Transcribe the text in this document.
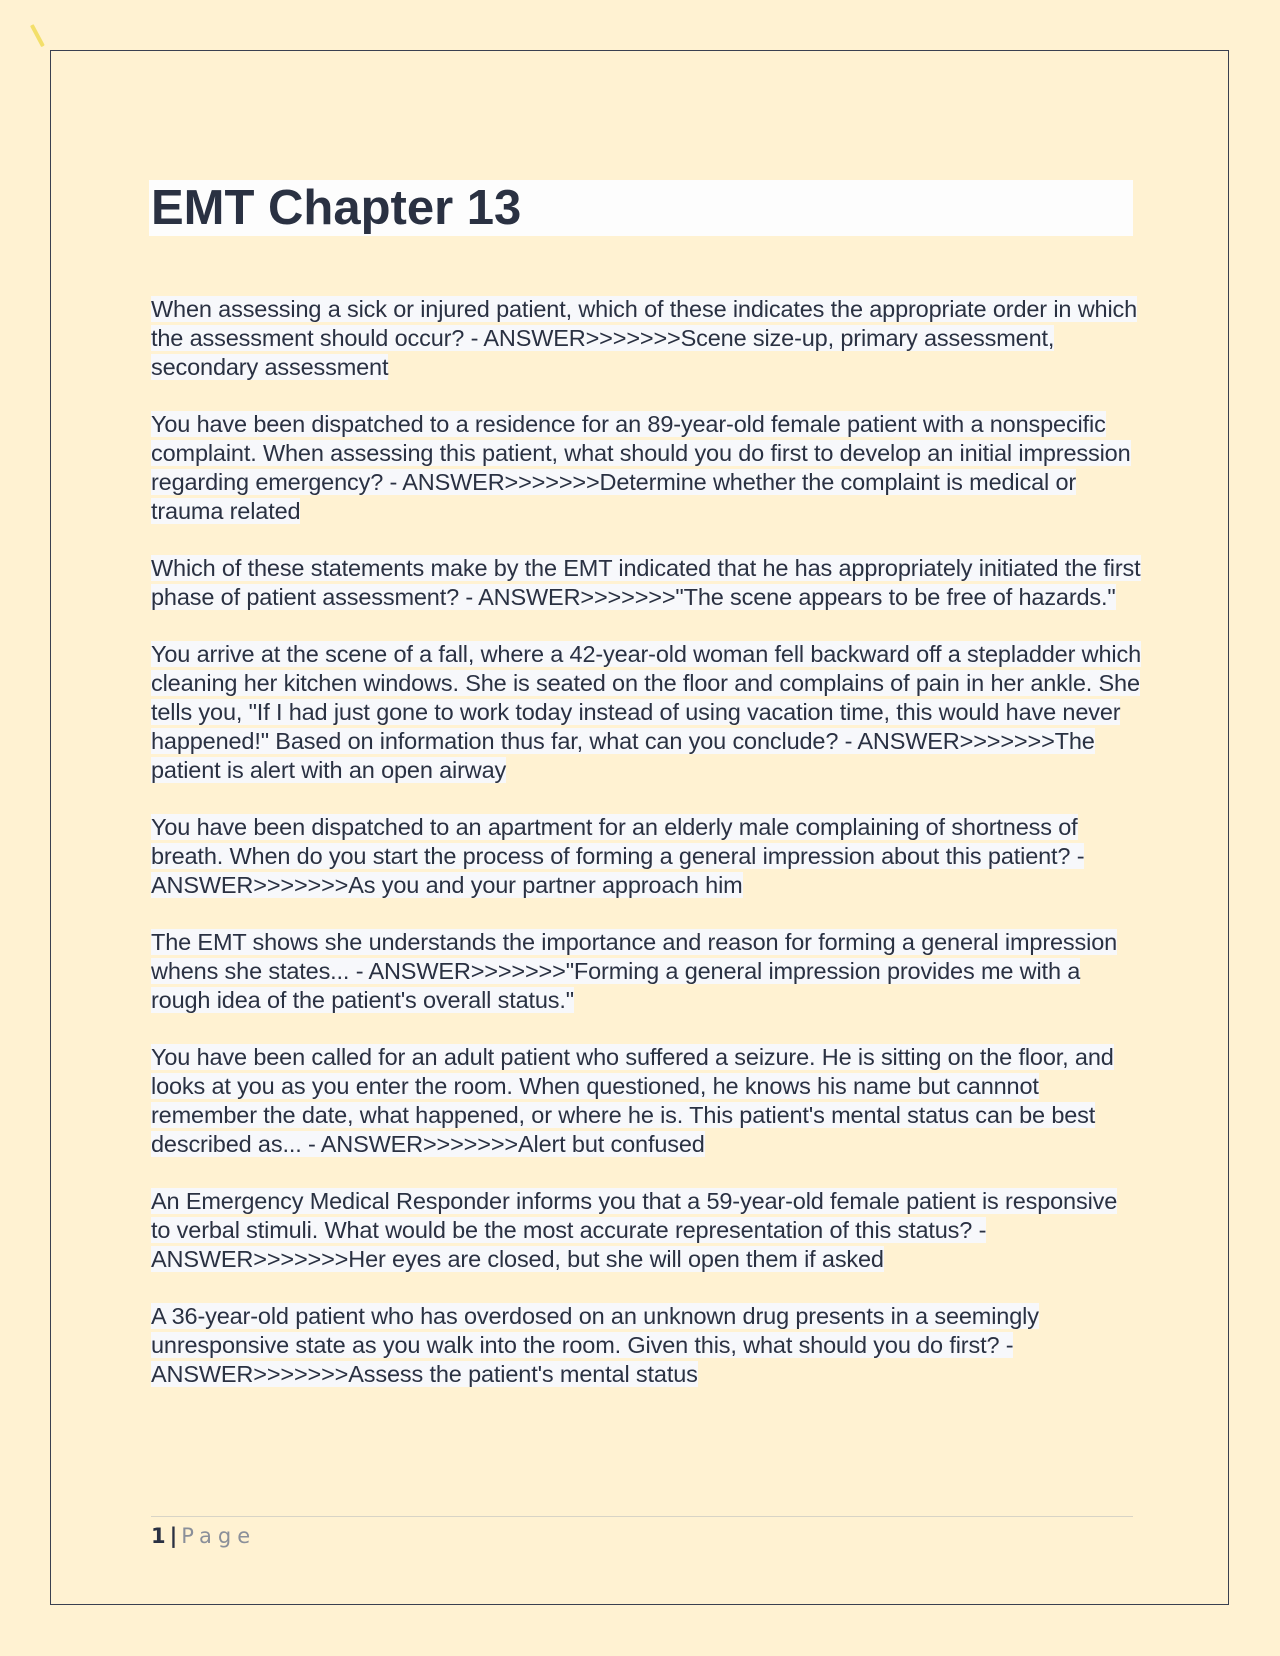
EMT Chapter 13

When assessing a sick or injured patient, which of these indicates the appropriate order in which the assessment should occur? - ANSWER>>>>>>>Scene size-up, primary assessment, secondary assessment

You have been dispatched to a residence for an 89-year-old female patient with a nonspecific complaint. When assessing this patient, what should you do first to develop an initial impression regarding emergency? - ANSWER>>>>>>>Determine whether the complaint is medical or trauma related

Which of these statements make by the EMT indicated that he has appropriately initiated the first phase of patient assessment? - ANSWER>>>>>>>"The scene appears to be free of hazards."

You arrive at the scene of a fall, where a 42-year-old woman fell backward off a stepladder which cleaning her kitchen windows. She is seated on the floor and complains of pain in her ankle. She tells you, "If I had just gone to work today instead of using vacation time, this would have never happened!" Based on information thus far, what can you conclude? - ANSWER>>>>>>>The patient is alert with an open airway

You have been dispatched to an apartment for an elderly male complaining of shortness of breath. When do you start the process of forming a general impression about this patient? - ANSWER>>>>>>>As you and your partner approach him

The EMT shows she understands the importance and reason for forming a general impression whens she states... - ANSWER>>>>>>>"Forming a general impression provides me with a rough idea of the patient's overall status."

You have been called for an adult patient who suffered a seizure. He is sitting on the floor, and looks at you as you enter the room. When questioned, he knows his name but cannnot remember the date, what happened, or where he is. This patient's mental status can be best described as... - ANSWER>>>>>>>Alert but confused

An Emergency Medical Responder informs you that a 59-year-old female patient is responsive to verbal stimuli. What would be the most accurate representation of this status? - ANSWER>>>>>>>Her eyes are closed, but she will open them if asked

A 36-year-old patient who has overdosed on an unknown drug presents in a seemingly unresponsive state as you walk into the room. Given this, what should you do first? - ANSWER>>>>>>>Assess the patient's mental status

1 | Page
